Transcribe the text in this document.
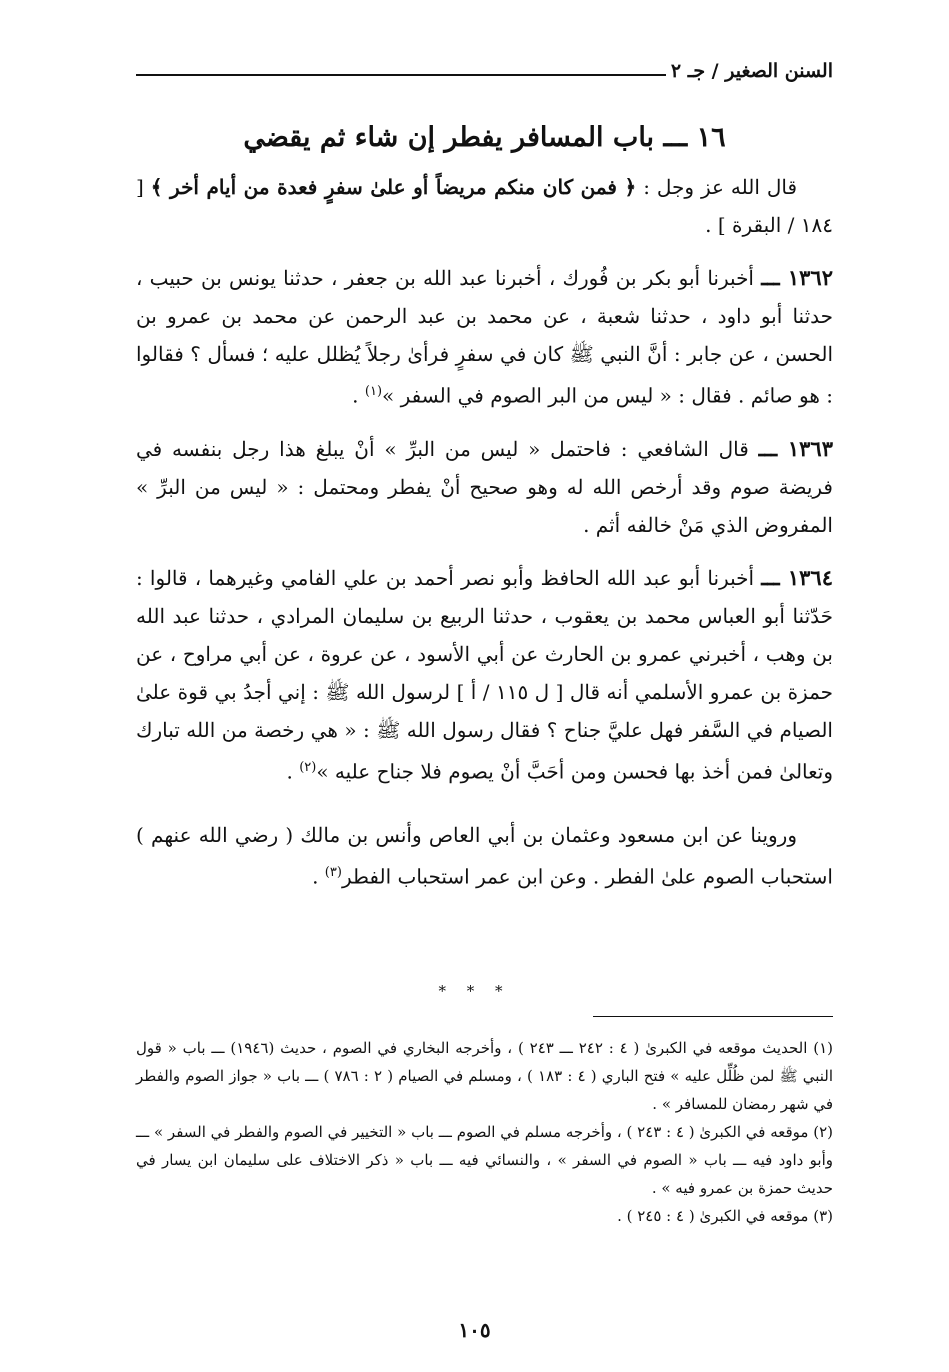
السنن الصغير / جـ ٢
١٦ ـــ باب المسافر يفطر إن شاء ثم يقضي

قال الله عز وجل : ﴿ فمن كان منكم مريضاً أو علىٰ سفرٍ فعدة من أيام أخر ﴾ [ ١٨٤ / البقرة ] .

١٣٦٢ ـــ أخبرنا أبو بكر بن فُورك ، أخبرنا عبد الله بن جعفر ، حدثنا يونس بن حبيب ، حدثنا أبو داود ، حدثنا شعبة ، عن محمد بن عبد الرحمن عن محمد بن عمرو بن الحسن ، عن جابر : أنَّ النبي ﷺ كان في سفرٍ فرأىٰ رجلاً يُظلل عليه ؛ فسأل ؟ فقالوا : هو صائم . فقال : « ليس من البر الصوم في السفر »$^{(١)}$ .

١٣٦٣ ـــ قال الشافعي : فاحتمل « ليس من البرِّ » أنْ يبلغ هذا رجل بنفسه في فريضة صوم وقد أرخص الله له وهو صحيح أنْ يفطر ومحتمل : « ليس من البرِّ » المفروض الذي مَنْ خالفه أثم .

١٣٦٤ ـــ أخبرنا أبو عبد الله الحافظ وأبو نصر أحمد بن علي الفامي وغيرهما ، قالوا : حَدّثنا أبو العباس محمد بن يعقوب ، حدثنا الربيع بن سليمان المرادي ، حدثنا عبد الله بن وهب ، أخبرني عمرو بن الحارث عن أبي الأسود ، عن عروة ، عن أبي مراوح ، عن حمزة بن عمرو الأسلمي أنه قال [ ل ١١٥ / أ ] لرسول الله ﷺ : إني أجدُ بي قوة علىٰ الصيام في السَّفر فهل عليَّ جناح ؟ فقال رسول الله ﷺ : « هي رخصة من الله تبارك وتعالىٰ فمن أخذ بها فحسن ومن أحَبَّ أنْ يصوم فلا جناح عليه »$^{(٢)}$ .

وروينا عن ابن مسعود وعثمان بن أبي العاص وأنس بن مالك ( رضي الله عنهم ) استحباب الصوم علىٰ الفطر . وعن ابن عمر استحباب الفطر$^{(٣)}$ .

* * *

(١) الحديث موقعه في الكبرىٰ ( ٤ : ٢٤٢ ـــ ٢٤٣ ) ، وأخرجه البخاري في الصوم ، حديث (١٩٤٦) ـــ باب « قول النبي ﷺ لمن ظُلِّل عليه » فتح الباري ( ٤ : ١٨٣ ) ، ومسلم في الصيام ( ٢ : ٧٨٦ ) ـــ باب « جواز الصوم والفطر في شهر رمضان للمسافر » .

(٢) موقعه في الكبرىٰ ( ٤ : ٢٤٣ ) ، وأخرجه مسلم في الصوم ـــ باب « التخيير في الصوم والفطر في السفر » ـــ وأبو داود فيه ـــ باب « الصوم في السفر » ، والنسائي فيه ـــ باب « ذكر الاختلاف على سليمان ابن يسار في حديث حمزة بن عمرو فيه » .

(٣) موقعه في الكبرىٰ ( ٤ : ٢٤٥ ) .

١٠٥
